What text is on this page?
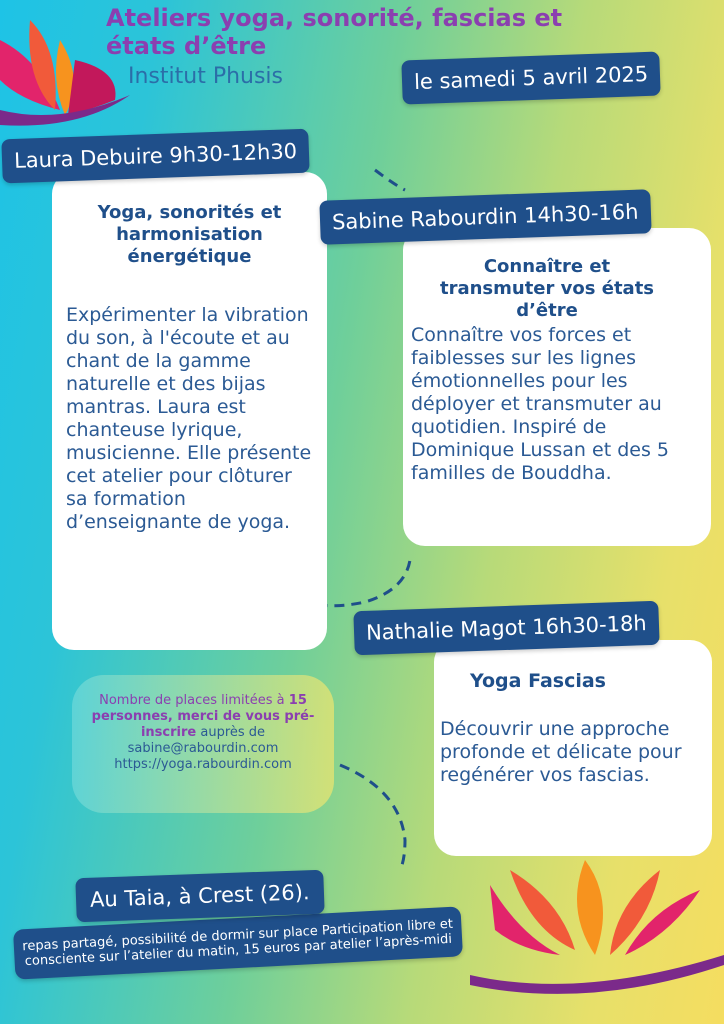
Ateliers yoga, sonorité, fascias et états d’être
Institut Phusis	le samedi 5 avril 2025
Laura Debuire 9h30-12h30
Yoga, sonorités et harmonisation énergétique
Expérimenter la vibration du son, à l'écoute et au chant de la gamme naturelle et des bijas mantras. Laura est chanteuse lyrique, musicienne. Elle présente cet atelier pour clôturer sa formation d’enseignante de yoga.
Sabine Rabourdin 14h30-16h
Connaître et transmuter vos états d’être
Connaître vos forces et faiblesses sur les lignes émotionnelles pour les déployer et transmuter au quotidien. Inspiré de Dominique Lussan et des 5 familles de Bouddha.
Nathalie Magot 16h30-18h
Yoga Fascias
Découvrir une approche profonde et délicate pour regénérer vos fascias.
Nombre de places limitées à 15 personnes, merci de vous pré-inscrire auprès de
sabine@rabourdin.com
https://yoga.rabourdin.com
Au Taia, à Crest (26).
repas partagé, possibilité de dormir sur place Participation libre et consciente sur l’atelier du matin, 15 euros par atelier l’après-midi
